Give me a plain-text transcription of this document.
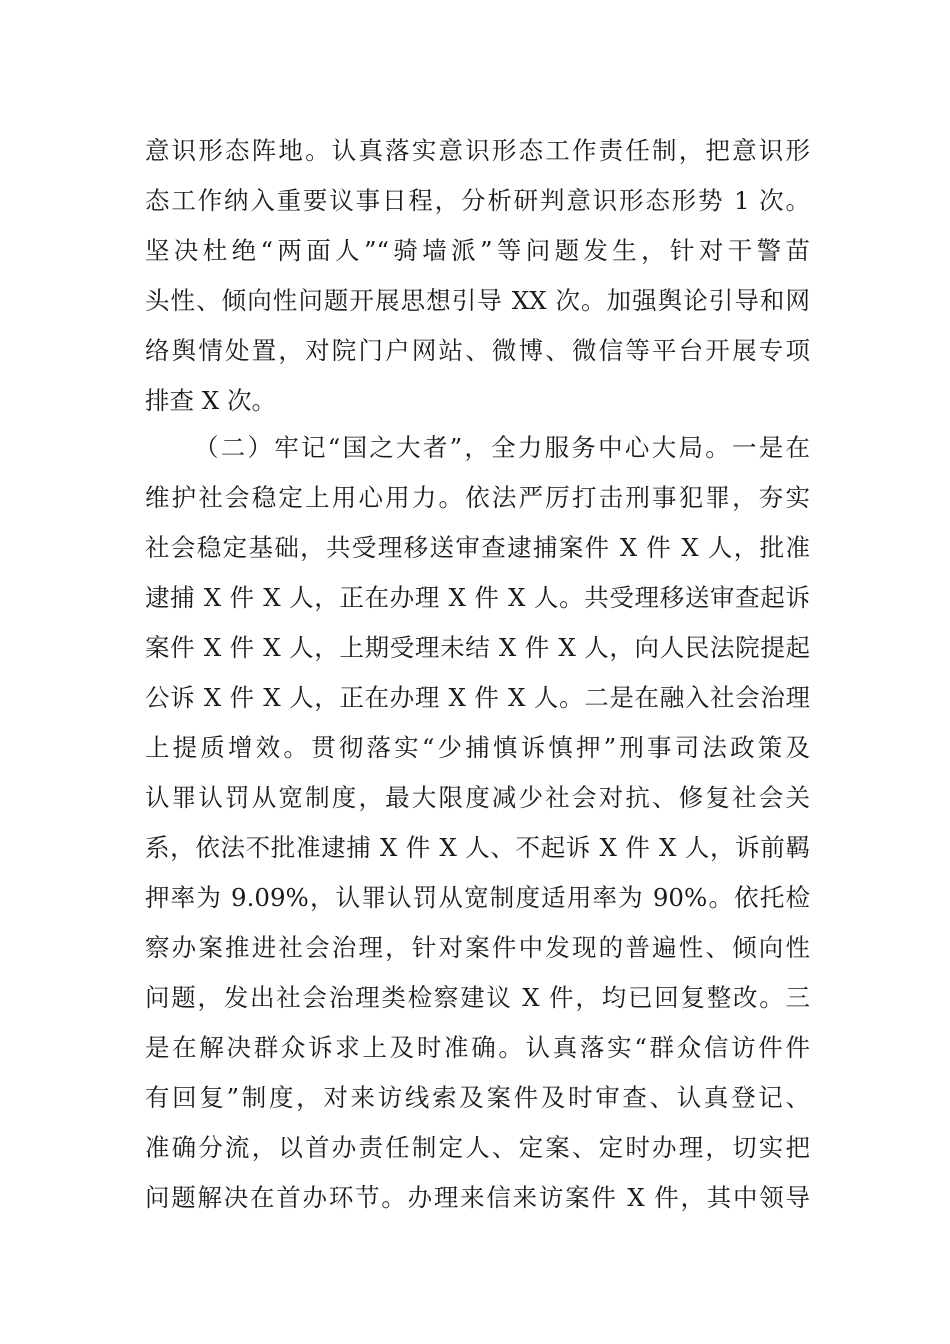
意识形态阵地。认真落实意识形态工作责任制，把意识形
态工作纳入重要议事日程，分析研判意识形态形势 1 次。
坚决杜绝“两面人”“骑墙派”等问题发生，针对干警苗
头性、倾向性问题开展思想引导 XX 次。加强舆论引导和网
络舆情处置，对院门户网站、微博、微信等平台开展专项
排查 X 次。
（二）牢记“国之大者”，全力服务中心大局。一是在
维护社会稳定上用心用力。依法严厉打击刑事犯罪，夯实
社会稳定基础，共受理移送审查逮捕案件 X 件 X 人，批准
逮捕 X 件 X 人，正在办理 X 件 X 人。共受理移送审查起诉
案件 X 件 X 人，上期受理未结 X 件 X 人，向人民法院提起
公诉 X 件 X 人，正在办理 X 件 X 人。二是在融入社会治理
上提质增效。贯彻落实“少捕慎诉慎押”刑事司法政策及
认罪认罚从宽制度，最大限度减少社会对抗、修复社会关
系，依法不批准逮捕 X 件 X 人、不起诉 X 件 X 人，诉前羁
押率为 9.09%，认罪认罚从宽制度适用率为 90%。依托检
察办案推进社会治理，针对案件中发现的普遍性、倾向性
问题，发出社会治理类检察建议 X 件，均已回复整改。三
是在解决群众诉求上及时准确。认真落实“群众信访件件
有回复”制度，对来访线索及案件及时审查、认真登记、
准确分流，以首办责任制定人、定案、定时办理，切实把
问题解决在首办环节。办理来信来访案件 X 件，其中领导
